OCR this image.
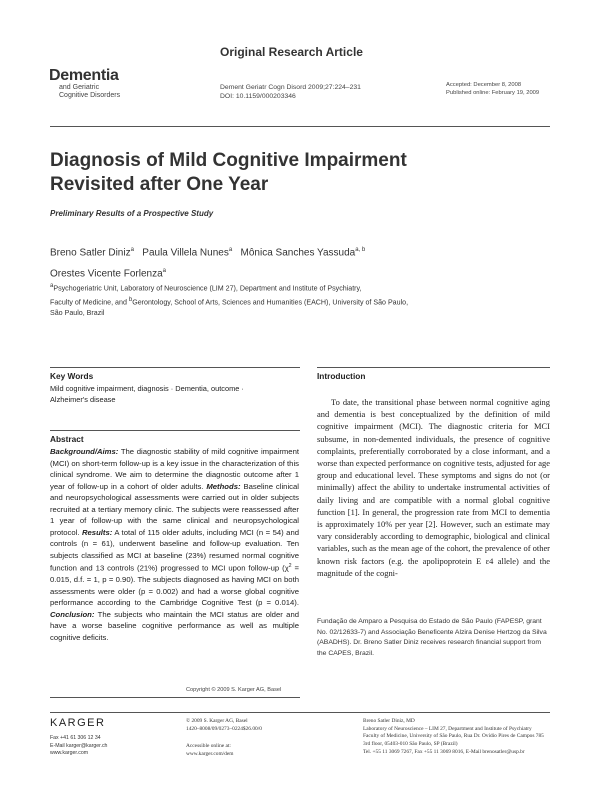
Original Research Article
Dementia
and Geriatric
Cognitive Disorders
Dement Geriatr Cogn Disord 2009;27:224–231
DOI: 10.1159/000203346
Accepted: December 8, 2008
Published online: February 19, 2009
Diagnosis of Mild Cognitive Impairment
Revisited after One Year
Preliminary Results of a Prospective Study
Breno Satler Diniz$^a$ Paula Villela Nunes$^a$ Mônica Sanches Yassuda$^{a, b}$
Orestes Vicente Forlenza$^a$
$^a$Psychogeriatric Unit, Laboratory of Neuroscience (LIM 27), Department and Institute of Psychiatry,
Faculty of Medicine, and $^b$Gerontology, School of Arts, Sciences and Humanities (EACH), University of São Paulo,
São Paulo, Brazil
Key Words
Mild cognitive impairment, diagnosis · Dementia, outcome ·
Alzheimer's disease
Abstract
Background/Aims: The diagnostic stability of mild cognitive impairment (MCI) on short-term follow-up is a key issue in the characterization of this clinical syndrome. We aim to determine the diagnostic outcome after 1 year of follow-up in a cohort of older adults. Methods: Baseline clinical and neuropsychological assessments were carried out in older subjects recruited at a tertiary memory clinic. The subjects were reassessed after 1 year of follow-up with the same clinical and neuropsychological protocol. Results: A total of 115 older adults, including MCI (n = 54) and controls (n = 61), underwent baseline and follow-up evaluation. Ten subjects classified as MCI at baseline (23%) resumed normal cognitive function and 13 controls (21%) progressed to MCI upon follow-up ($\chi^2 = 0.015$, d.f. = 1, p = 0.90). The subjects diagnosed as having MCI on both assessments were older (p = 0.002) and had a worse global cognitive performance according to the Cambridge Cognitive Test (p = 0.014). Conclusion: The subjects who maintain the MCI status are older and have a worse baseline cognitive performance as well as multiple cognitive deficits.
Copyright © 2009 S. Karger AG, Basel
Introduction
To date, the transitional phase between normal cognitive aging and dementia is best conceptualized by the definition of mild cognitive impairment (MCI). The diagnostic criteria for MCI subsume, in non-demented individuals, the presence of cognitive complaints, preferentially corroborated by a close informant, and a worse than expected performance on cognitive tests, adjusted for age group and educational level. These symptoms and signs do not (or minimally) affect the ability to undertake instrumental activities of daily living and are compatible with a normal global cognitive function [1]. In general, the progression rate from MCI to dementia is approximately 10% per year [2]. However, such an estimate may vary considerably according to demographic, biological and clinical variables, such as the mean age of the cohort, the prevalence of other known risk factors (e.g. the apolipoprotein E ε4 allele) and the magnitude of the cogni-
Fundação de Amparo a Pesquisa do Estado de São Paulo (FAPESP, grant No. 02/12633-7) and Associação Beneficente Alzira Denise Hertzog da Silva (ABADHS). Dr. Breno Satler Diniz receives research financial support from the CAPES, Brazil.
KARGER
Fax +41 61 306 12 34
E-Mail karger@karger.ch
www.karger.com
© 2009 S. Karger AG, Basel
1420–8008/09/0273–0224$26.00/0
Accessible online at:
www.karger.com/dem
Breno Satler Diniz, MD
Laboratory of Neuroscience – LIM 27, Department and Institute of Psychiatry
Faculty of Medicine, University of São Paulo, Rua Dr. Ovídio Pires de Campos 785
3rd floor, 05403-010 São Paulo, SP (Brazil)
Tel. +55 11 3069 7267, Fax +55 11 3069 8016, E-Mail brenosatler@usp.br
